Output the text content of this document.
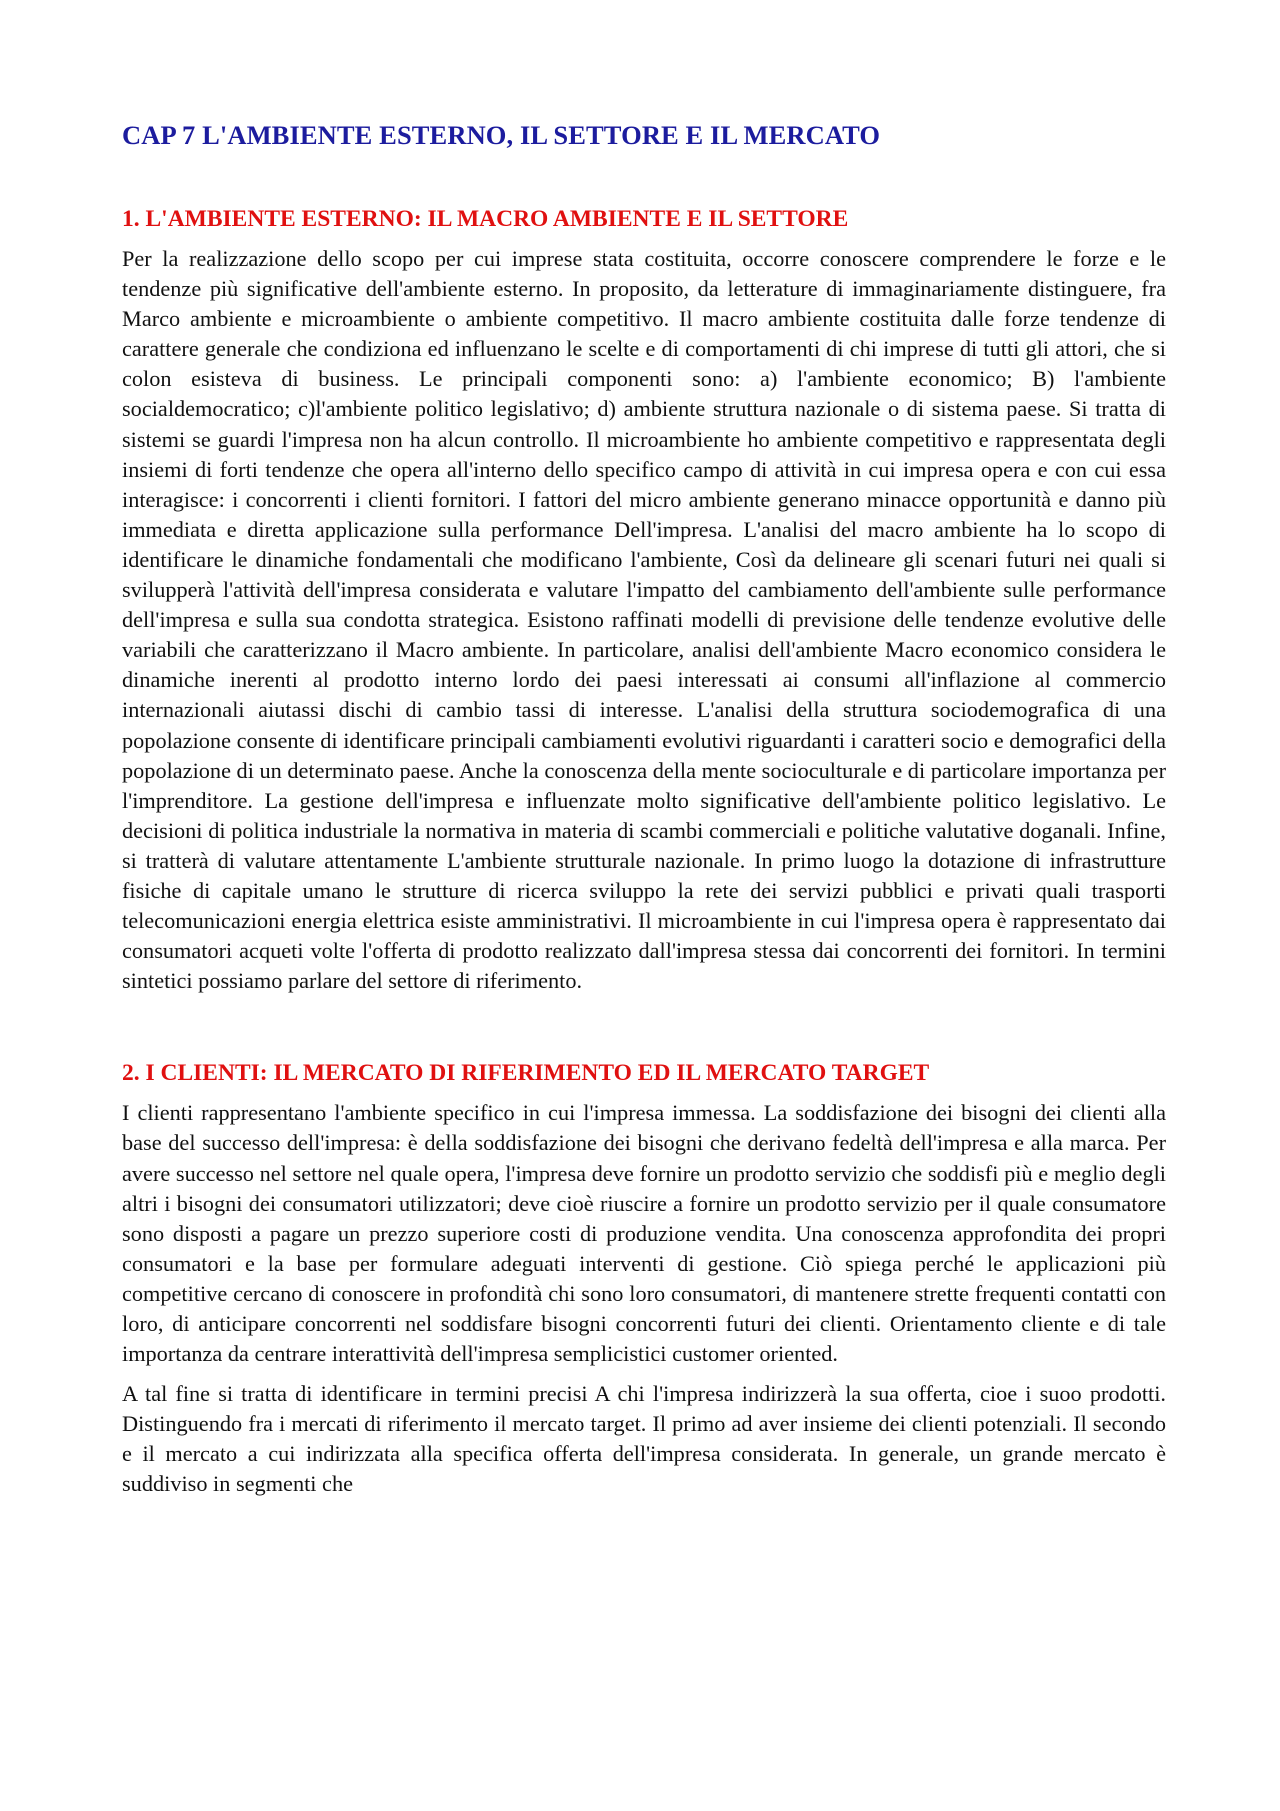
CAP 7 L'AMBIENTE ESTERNO, IL SETTORE E IL MERCATO
1. L'AMBIENTE ESTERNO: IL MACRO AMBIENTE E IL SETTORE

Per la realizzazione dello scopo per cui imprese stata costituita, occorre conoscere comprendere le forze e le tendenze più significative dell'ambiente esterno. In proposito, da letterature di immaginariamente distinguere, fra Marco ambiente e microambiente o ambiente competitivo. Il macro ambiente costituita dalle forze tendenze di carattere generale che condiziona ed influenzano le scelte e di comportamenti di chi imprese di tutti gli attori, che si colon esisteva di business. Le principali componenti sono: a) l'ambiente economico; B) l'ambiente socialdemocratico; c)l'ambiente politico legislativo; d) ambiente struttura nazionale o di sistema paese. Si tratta di sistemi se guardi l'impresa non ha alcun controllo. Il microambiente ho ambiente competitivo e rappresentata degli insiemi di forti tendenze che opera all'interno dello specifico campo di attività in cui impresa opera e con cui essa interagisce: i concorrenti i clienti fornitori. I fattori del micro ambiente generano minacce opportunità e danno più immediata e diretta applicazione sulla performance Dell'impresa. L'analisi del macro ambiente ha lo scopo di identificare le dinamiche fondamentali che modificano l'ambiente, Così da delineare gli scenari futuri nei quali si svilupperà l'attività dell'impresa considerata e valutare l'impatto del cambiamento dell'ambiente sulle performance dell'impresa e sulla sua condotta strategica. Esistono raffinati modelli di previsione delle tendenze evolutive delle variabili che caratterizzano il Macro ambiente. In particolare, analisi dell'ambiente Macro economico considera le dinamiche inerenti al prodotto interno lordo dei paesi interessati ai consumi all'inflazione al commercio internazionali aiutassi dischi di cambio tassi di interesse. L'analisi della struttura sociodemografica di una popolazione consente di identificare principali cambiamenti evolutivi riguardanti i caratteri socio e demografici della popolazione di un determinato paese. Anche la conoscenza della mente socioculturale e di particolare importanza per l'imprenditore. La gestione dell'impresa e influenzate molto significative dell'ambiente politico legislativo. Le decisioni di politica industriale la normativa in materia di scambi commerciali e politiche valutative doganali. Infine, si tratterà di valutare attentamente L'ambiente strutturale nazionale. In primo luogo la dotazione di infrastrutture fisiche di capitale umano le strutture di ricerca sviluppo la rete dei servizi pubblici e privati quali trasporti telecomunicazioni energia elettrica esiste amministrativi. Il microambiente in cui l'impresa opera è rappresentato dai consumatori acqueti volte l'offerta di prodotto realizzato dall'impresa stessa dai concorrenti dei fornitori. In termini sintetici possiamo parlare del settore di riferimento.

2. I CLIENTI: IL MERCATO DI RIFERIMENTO ED IL MERCATO TARGET

I clienti rappresentano l'ambiente specifico in cui l'impresa immessa. La soddisfazione dei bisogni dei clienti alla base del successo dell'impresa: è della soddisfazione dei bisogni che derivano fedeltà dell'impresa e alla marca. Per avere successo nel settore nel quale opera, l'impresa deve fornire un prodotto servizio che soddisfi più e meglio degli altri i bisogni dei consumatori utilizzatori; deve cioè riuscire a fornire un prodotto servizio per il quale consumatore sono disposti a pagare un prezzo superiore costi di produzione vendita. Una conoscenza approfondita dei propri consumatori e la base per formulare adeguati interventi di gestione. Ciò spiega perché le applicazioni più competitive cercano di conoscere in profondità chi sono loro consumatori, di mantenere strette frequenti contatti con loro, di anticipare concorrenti nel soddisfare bisogni concorrenti futuri dei clienti. Orientamento cliente e di tale importanza da centrare interattività dell'impresa semplicistici customer oriented.

A tal fine si tratta di identificare in termini precisi A chi l'impresa indirizzerà la sua offerta, cioe i suoo prodotti. Distinguendo fra i mercati di riferimento il mercato target. Il primo ad aver insieme dei clienti potenziali. Il secondo e il mercato a cui indirizzata alla specifica offerta dell'impresa considerata. In generale, un grande mercato è suddiviso in segmenti che
